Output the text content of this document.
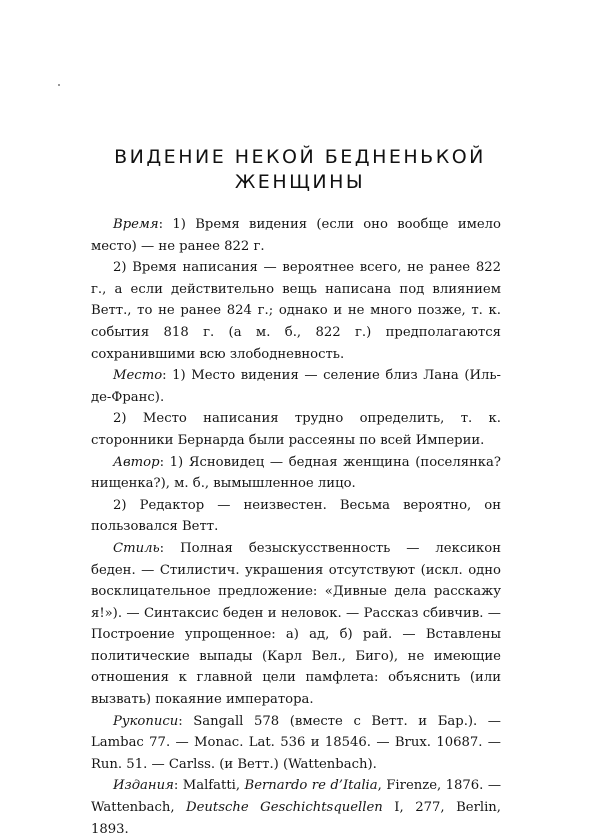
ВИДЕНИЕ НЕКОЙ БЕДНЕНЬКОЙ
ЖЕНЩИНЫ

Время: 1) Время видения (если оно вообще имело место) — не ранее 822 г.

2) Время написания — вероятнее всего, не ранее 822 г., а если действительно вещь написана под влиянием Ветт., то не ранее 824 г.; однако и не много позже, т. к. события 818 г. (а м. б., 822 г.) предполагаются сохранившими всю злободневность.

Место: 1) Место видения — селение близ Лана (Иль-де-Франс).

2) Место написания трудно определить, т. к. сторонники Бернарда были рассеяны по всей Империи.

Автор: 1) Ясновидец — бедная женщина (поселянка? нищенка?), м. б., вымышленное лицо.

2) Редактор — неизвестен. Весьма вероятно, он пользовался Ветт.

Стиль: Полная безыскусственность — лексикон беден. — Стилистич. украшения отсутствуют (искл. одно восклицательное предложение: «Дивные дела расскажу я!»). — Синтаксис беден и неловок. — Рассказ сбивчив. — Построение упрощенное: а) ад, б) рай. — Вставлены политические выпады (Карл Вел., Биго), не имеющие отношения к главной цели памфлета: объяснить (или вызвать) покаяние императора.

Рукописи: Sangall 578 (вместе с Ветт. и Бар.). — Lambac 77. — Monac. Lat. 536 и 18546. — Brux. 10687. — Run. 51. — Carlss. (и Ветт.) (Wattenbach).

Издания: Malfatti, Bernardo re d’Italia, Firenze, 1876. — Wattenbach, Deutsche Geschichtsquellen I, 277, Berlin, 1893.
